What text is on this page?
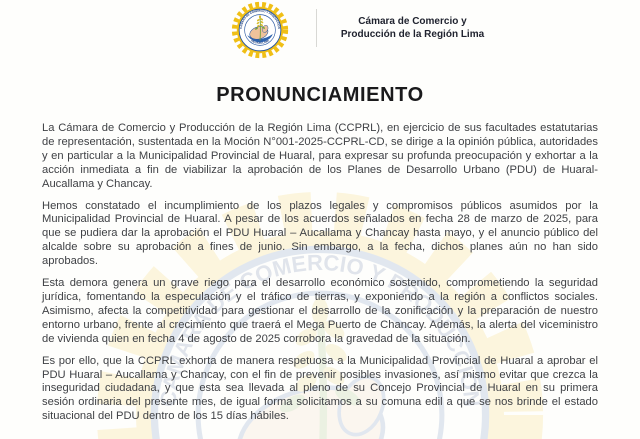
Cámara de Comercio y
Producción de la Región Lima
PRONUNCIAMIENTO

La Cámara de Comercio y Producción de la Región Lima (CCPRL), en ejercicio de sus facultades estatutarias de representación, sustentada en la Moción N°001-2025-CCPRL-CD, se dirige a la opinión pública, autoridades y en particular a la Municipalidad Provincial de Huaral, para expresar su profunda preocupación y exhortar a la acción inmediata a fin de viabilizar la aprobación de los Planes de Desarrollo Urbano (PDU) de Huaral-Aucallama y Chancay.

Hemos constatado el incumplimiento de los plazos legales y compromisos públicos asumidos por la Municipalidad Provincial de Huaral. A pesar de los acuerdos señalados en fecha 28 de marzo de 2025, para que se pudiera dar la aprobación el PDU Huaral – Aucallama y Chancay hasta mayo, y el anuncio público del alcalde sobre su aprobación a fines de junio. Sin embargo, a la fecha, dichos planes aún no han sido aprobados.

Esta demora genera un grave riego para el desarrollo económico sostenido, comprometiendo la seguridad jurídica, fomentando la especulación y el tráfico de tierras, y exponiendo a la región a conflictos sociales. Asimismo, afecta la competitividad para gestionar el desarrollo de la zonificación y la preparación de nuestro entorno urbano, frente al crecimiento que traerá el Mega Puerto de Chancay. Además, la alerta del viceministro de vivienda quien en fecha 4 de agosto de 2025 corrobora la gravedad de la situación.

Es por ello, que la CCPRL exhorta de manera respetuosa a la Municipalidad Provincial de Huaral a aprobar el PDU Huaral – Aucallama y Chancay, con el fin de prevenir posibles invasiones, así mismo evitar que crezca la inseguridad ciudadana, y que esta sea llevada al pleno de su Concejo Provincial de Huaral en su primera sesión ordinaria del presente mes, de igual forma solicitamos a su comuna edil a que se nos brinde el estado situacional del PDU dentro de los 15 días hábiles.
